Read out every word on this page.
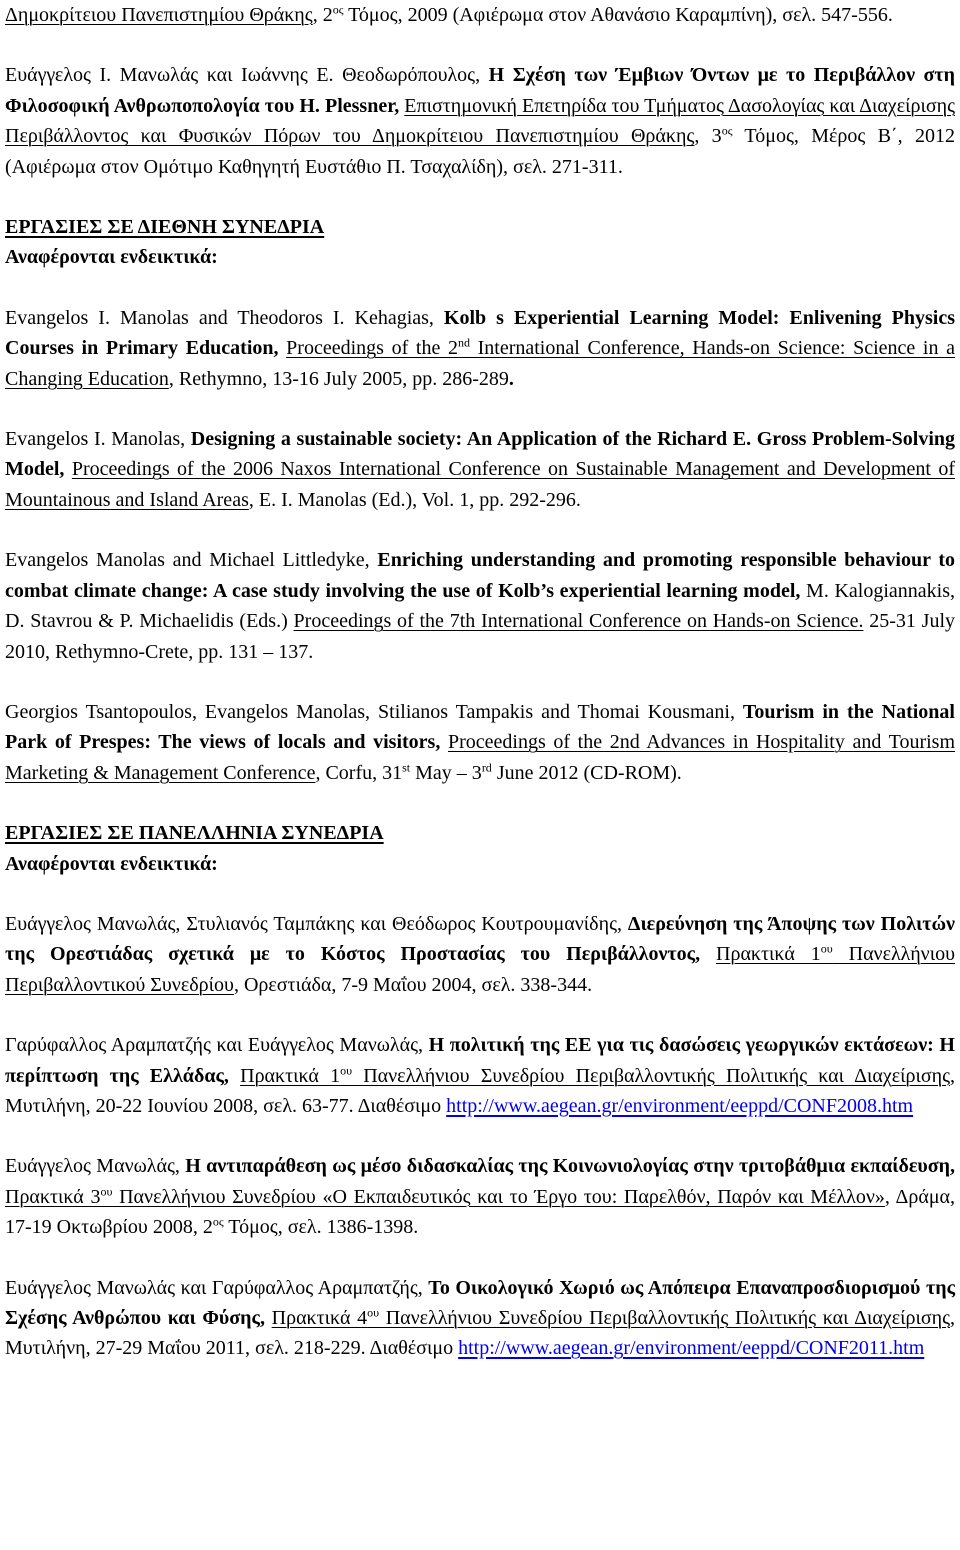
Δημοκρίτειου Πανεπιστημίου Θράκης, $2^{o\varsigma}$ Τόμος, 2009 (Αφιέρωμα στον Αθανάσιο Καραμπίνη), σελ. 547-556.

Ευάγγελος Ι. Μανωλάς και Ιωάννης Ε. Θεοδωρόπουλος, Η Σχέση των Έμβιων Όντων με το Περιβάλλον στη Φιλοσοφική Ανθρωποπολογία του H. Plessner, Επιστημονική Επετηρίδα του Τμήματος Δασολογίας και Διαχείρισης Περιβάλλοντος και Φυσικών Πόρων του Δημοκρίτειου Πανεπιστημίου Θράκης, $3^{o\varsigma}$ Τόμος, Μέρος Β΄, 2012 (Αφιέρωμα στον Ομότιμο Καθηγητή Ευστάθιο Π. Τσαχαλίδη), σελ. 271-311.

ΕΡΓΑΣΙΕΣ ΣΕ ΔΙΕΘΝΗ ΣΥΝΕΔΡΙΑ

Αναφέρονται ενδεικτικά:

Evangelos I. Manolas and Theodoros I. Kehagias, Kolb s Experiential Learning Model: Enlivening Physics Courses in Primary Education, Proceedings of the 2nd International Conference, Hands-on Science: Science in a Changing Education, Rethymno, 13-16 July 2005, pp. 286-289.

Evangelos I. Manolas, Designing a sustainable society: An Application of the Richard E. Gross Problem-Solving Model, Proceedings of the 2006 Naxos International Conference on Sustainable Management and Development of Mountainous and Island Areas, E. I. Manolas (Ed.), Vol. 1, pp. 292-296.

Evangelos Manolas and Michael Littledyke, Enriching understanding and promoting responsible behaviour to combat climate change: A case study involving the use of Kolb’s experiential learning model, M. Kalogiannakis, D. Stavrou & P. Michaelidis (Eds.) Proceedings of the 7th International Conference on Hands-on Science. 25-31 July 2010, Rethymno-Crete, pp. 131 – 137.

Georgios Tsantopoulos, Evangelos Manolas, Stilianos Tampakis and Thomai Kousmani, Tourism in the National Park of Prespes: The views of locals and visitors, Proceedings of the 2nd Advances in Hospitality and Tourism Marketing & Management Conference, Corfu, 31st May – 3rd June 2012 (CD-ROM).

ΕΡΓΑΣΙΕΣ ΣΕ ΠΑΝΕΛΛΗΝΙΑ ΣΥΝΕΔΡΙΑ

Αναφέρονται ενδεικτικά:

Ευάγγελος Μανωλάς, Στυλιανός Ταμπάκης και Θεόδωρος Κουτρουμανίδης, Διερεύνηση της Άποψης των Πολιτών της Ορεστιάδας σχετικά με το Κόστος Προστασίας του Περιβάλλοντος, Πρακτικά $1^{o\upsilon}$ Πανελλήνιου Περιβαλλοντικού Συνεδρίου, Ορεστιάδα, 7-9 Μαΐου 2004, σελ. 338-344.

Γαρύφαλλος Αραμπατζής και Ευάγγελος Μανωλάς, Η πολιτική της ΕΕ για τις δασώσεις γεωργικών εκτάσεων: Η περίπτωση της Ελλάδας, Πρακτικά $1^{o\upsilon}$ Πανελλήνιου Συνεδρίου Περιβαλλοντικής Πολιτικής και Διαχείρισης, Μυτιλήνη, 20-22 Ιουνίου 2008, σελ. 63-77. Διαθέσιμο http://www.aegean.gr/environment/eeppd/CONF2008.htm

Ευάγγελος Μανωλάς, Η αντιπαράθεση ως μέσο διδασκαλίας της Κοινωνιολογίας στην τριτοβάθμια εκπαίδευση, Πρακτικά $3^{o\upsilon}$ Πανελλήνιου Συνεδρίου «Ο Εκπαιδευτικός και το Έργο του: Παρελθόν, Παρόν και Μέλλον», Δράμα, 17-19 Οκτωβρίου 2008, $2^{o\varsigma}$ Τόμος, σελ. 1386-1398.

Ευάγγελος Μανωλάς και Γαρύφαλλος Αραμπατζής, Το Οικολογικό Χωριό ως Απόπειρα Επαναπροσδιορισμού της Σχέσης Ανθρώπου και Φύσης, Πρακτικά $4^{o\upsilon}$ Πανελλήνιου Συνεδρίου Περιβαλλοντικής Πολιτικής και Διαχείρισης, Μυτιλήνη, 27-29 Μαΐου 2011, σελ. 218-229. Διαθέσιμο http://www.aegean.gr/environment/eeppd/CONF2011.htm
